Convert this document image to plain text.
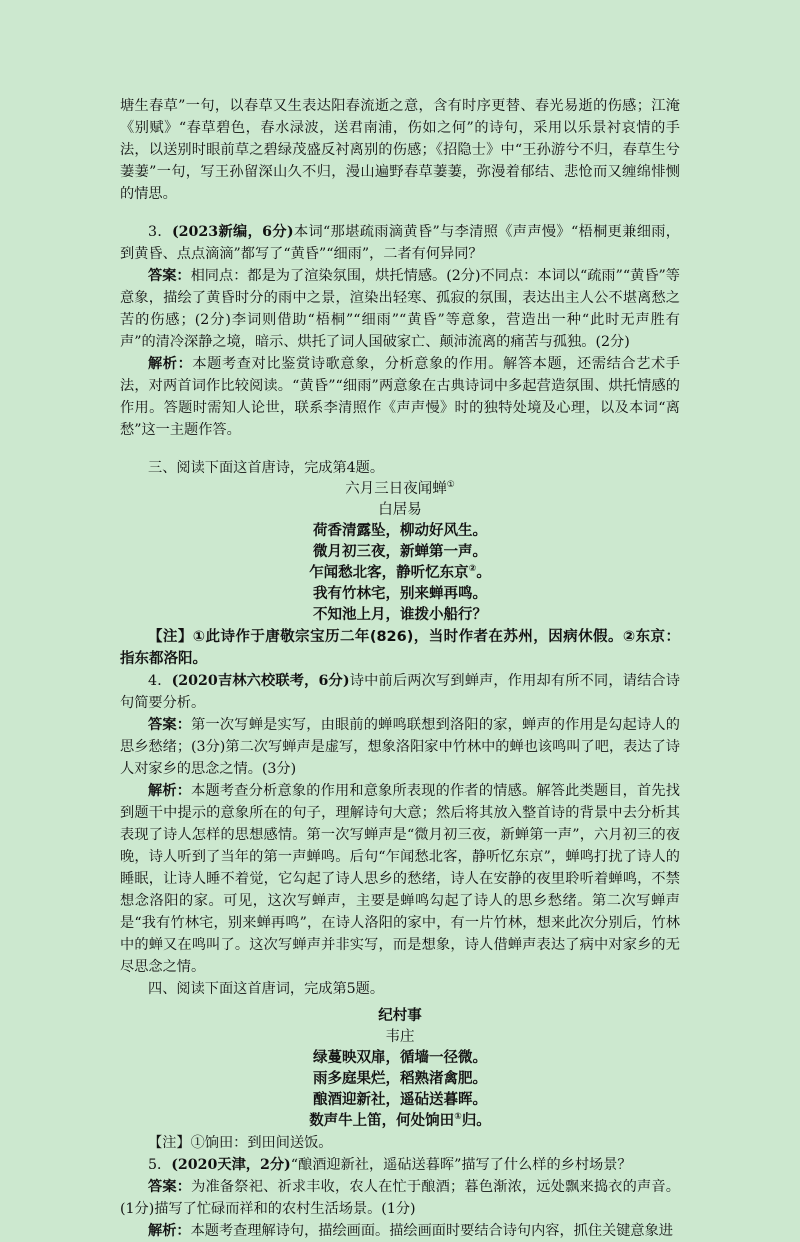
塘生春草”一句，以春草又生表达阳春流逝之意，含有时序更替、春光易逝的伤感；江淹《别赋》“春草碧色，春水渌波，送君南浦，伤如之何”的诗句，采用以乐景衬哀情的手法，以送别时眼前草之碧绿茂盛反衬离别的伤感；《招隐士》中“王孙游兮不归，春草生兮萋萋”一句，写王孙留深山久不归，漫山遍野春草萋萋，弥漫着郁结、悲怆而又缠绵悱恻的情思。

3．(2023新编，6分)本词“那堪疏雨滴黄昏”与李清照《声声慢》“梧桐更兼细雨，到黄昏、点点滴滴”都写了“黄昏”“细雨”，二者有何异同？

答案：相同点：都是为了渲染氛围，烘托情感。(2分)不同点：本词以“疏雨”“黄昏”等意象，描绘了黄昏时分的雨中之景，渲染出轻寒、孤寂的氛围，表达出主人公不堪离愁之苦的伤感；(2分)李词则借助“梧桐”“细雨”“黄昏”等意象，营造出一种“此时无声胜有声”的清冷深静之境，暗示、烘托了词人国破家亡、颠沛流离的痛苦与孤独。(2分)

解析：本题考查对比鉴赏诗歌意象，分析意象的作用。解答本题，还需结合艺术手法，对两首词作比较阅读。“黄昏”“细雨”两意象在古典诗词中多起营造氛围、烘托情感的作用。答题时需知人论世，联系李清照作《声声慢》时的独特处境及心理，以及本词“离愁”这一主题作答。

三、阅读下面这首唐诗，完成第4题。

六月三日夜闻蝉①
白居易
荷香清露坠，柳动好风生。
微月初三夜，新蝉第一声。
乍闻愁北客，静听忆东京②。
我有竹林宅，别来蝉再鸣。
不知池上月，谁拨小船行？

【注】①此诗作于唐敬宗宝历二年(826)，当时作者在苏州，因病休假。②东京：指东都洛阳。

4．(2020吉林六校联考，6分)诗中前后两次写到蝉声，作用却有所不同，请结合诗句简要分析。

答案：第一次写蝉是实写，由眼前的蝉鸣联想到洛阳的家，蝉声的作用是勾起诗人的思乡愁绪；(3分)第二次写蝉声是虚写，想象洛阳家中竹林中的蝉也该鸣叫了吧，表达了诗人对家乡的思念之情。(3分)

解析：本题考查分析意象的作用和意象所表现的作者的情感。解答此类题目，首先找到题干中提示的意象所在的句子，理解诗句大意；然后将其放入整首诗的背景中去分析其表现了诗人怎样的思想感情。第一次写蝉声是“微月初三夜，新蝉第一声”，六月初三的夜晚，诗人听到了当年的第一声蝉鸣。后句“乍闻愁北客，静听忆东京”，蝉鸣打扰了诗人的睡眠，让诗人睡不着觉，它勾起了诗人思乡的愁绪，诗人在安静的夜里聆听着蝉鸣，不禁想念洛阳的家。可见，这次写蝉声，主要是蝉鸣勾起了诗人的思乡愁绪。第二次写蝉声是“我有竹林宅，别来蝉再鸣”，在诗人洛阳的家中，有一片竹林，想来此次分别后，竹林中的蝉又在鸣叫了。这次写蝉声并非实写，而是想象，诗人借蝉声表达了病中对家乡的无尽思念之情。

四、阅读下面这首唐词，完成第5题。

纪村事
韦庄
绿蔓映双扉，循墙一径微。
雨多庭果烂，稻熟渚禽肥。
酿酒迎新社，遥砧送暮晖。
数声牛上笛，何处饷田①归。

【注】①饷田：到田间送饭。

5．(2020天津，2分)“酿酒迎新社，遥砧送暮晖”描写了什么样的乡村场景？

答案：为准备祭祀、祈求丰收，农人在忙于酿酒；暮色渐浓，远处飘来捣衣的声音。(1分)描写了忙碌而祥和的农村生活场景。(1分)

解析：本题考查理解诗句，描绘画面。描绘画面时要结合诗句内容，抓住关键意象进
